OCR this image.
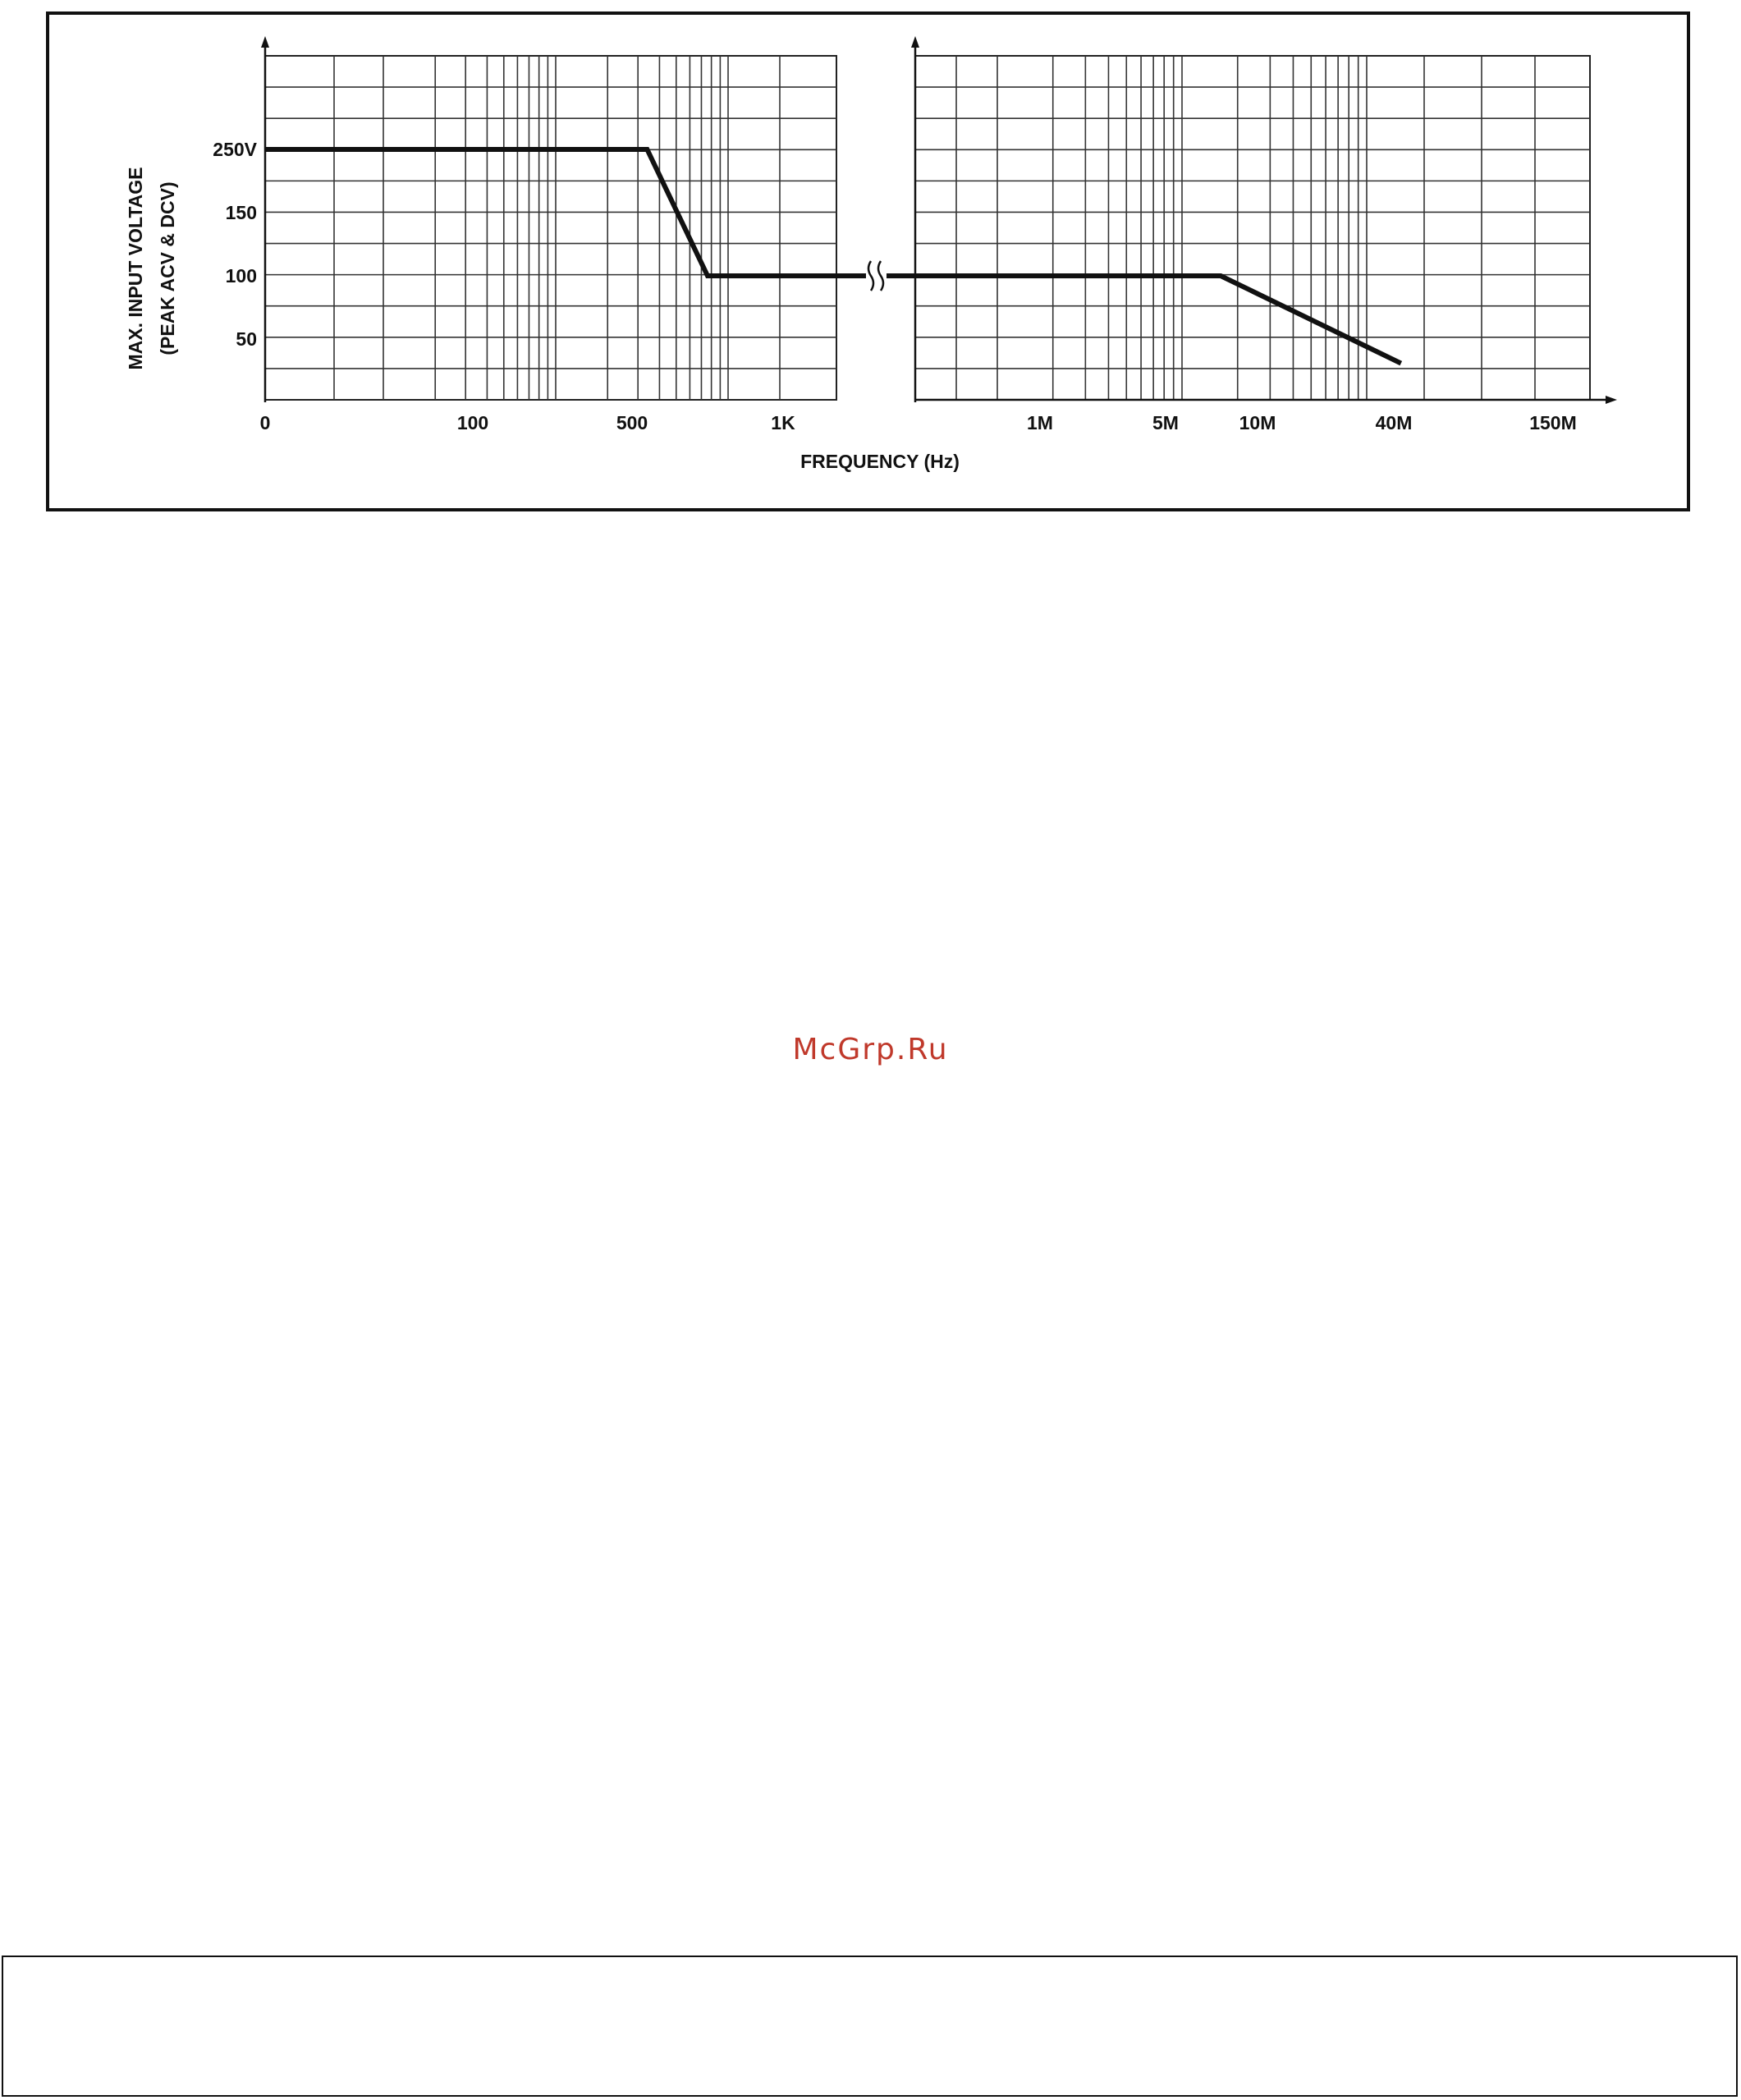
250V
150
100
50
0	100	500	1K	1M	5M	10M	40M	150M
MAX. INPUT VOLTAGE (PEAK ACV & DCV)
FREQUENCY (Hz)
McGrp.Ru
